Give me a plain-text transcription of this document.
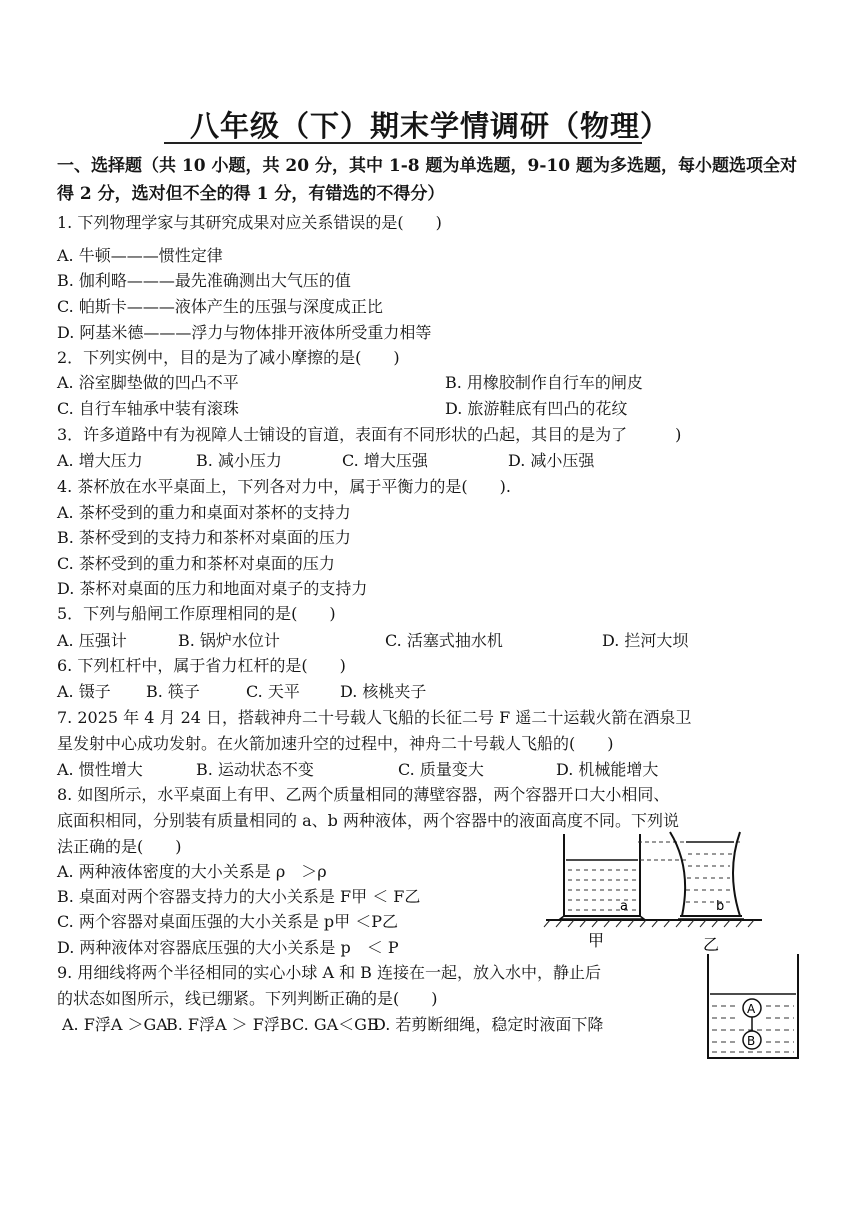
八年级（下）期末学情调研（物理）
一、选择题（共 10 小题，共 20 分，其中 1-8 题为单选题，9-10 题为多选题，每小题选项全对得 2 分，选对但不全的得 1 分，有错选的不得分）
1. 下列物理学家与其研究成果对应关系错误的是(　　)
A. 牛顿———惯性定律
B. 伽利略———最先准确测出大气压的值
C. 帕斯卡———液体产生的压强与深度成正比
D. 阿基米德———浮力与物体排开液体所受重力相等
2．下列实例中，目的是为了减小摩擦的是(　　)
A. 浴室脚垫做的凹凸不平	B. 用橡胶制作自行车的闸皮
C. 自行车轴承中装有滚珠	D. 旅游鞋底有凹凸的花纹
3．许多道路中有为视障人士铺设的盲道，表面有不同形状的凸起，其目的是为了　　　)
A. 增大压力	B. 减小压力	C. 增大压强	D. 减小压强
4. 茶杯放在水平桌面上，下列各对力中，属于平衡力的是(　　).
A. 茶杯受到的重力和桌面对茶杯的支持力
B. 茶杯受到的支持力和茶杯对桌面的压力
C. 茶杯受到的重力和茶杯对桌面的压力
D. 茶杯对桌面的压力和地面对桌子的支持力
5．下列与船闸工作原理相同的是(　　)
A. 压强计	B. 锅炉水位计	C. 活塞式抽水机	D. 拦河大坝
6. 下列杠杆中，属于省力杠杆的是(　　)
A. 镊子 B. 筷子	C. 天平	D. 核桃夹子
7. 2025 年 4 月 24 日，搭载神舟二十号载人飞船的长征二号 F 遥二十运载火箭在酒泉卫
星发射中心成功发射。在火箭加速升空的过程中，神舟二十号载人飞船的(　　)
A. 惯性增大	B. 运动状态不变	C. 质量变大	D. 机械能增大
8. 如图所示，水平桌面上有甲、乙两个质量相同的薄壁容器，两个容器开口大小相同、
底面积相同，分别装有质量相同的 a、b 两种液体，两个容器中的液面高度不同。下列说
法正确的是(　　)
A. 两种液体密度的大小关系是 ρ　＞ρ
B. 桌面对两个容器支持力的大小关系是 F甲 ＜ F乙
C. 两个容器对桌面压强的大小关系是 p甲 ＜P乙
D. 两种液体对容器底压强的大小关系是 p　＜ P
a	b
甲	乙
9. 用细线将两个半径相同的实心小球 A 和 B 连接在一起，放入水中，静止后
的状态如图所示，线已绷紧。下列判断正确的是(　　)
A. F浮A ＞GA
B. F浮A ＞ F浮B C. GA＜GB
D. 若剪断细绳，稳定时液面下降
A
B
